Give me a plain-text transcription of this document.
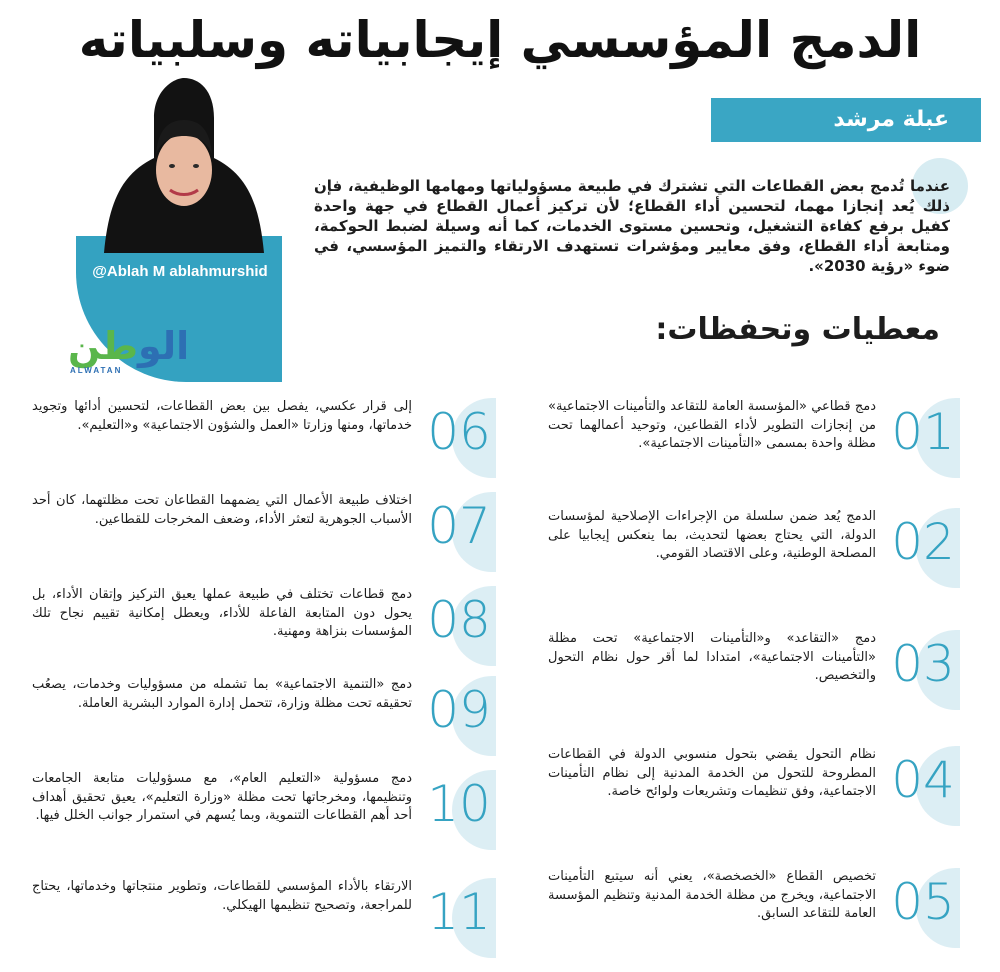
الدمج المؤسسي إيجابياته وسلبياته
عبلة مرشد
@Ablah M ablahmurshid
الوطن
ALWATAN

عندما تُدمج بعض القطاعات التي تشترك في طبيعة مسؤولياتها ومهامها الوظيفية، فإن ذلك يُعد إنجازا مهما، لتحسين أداء القطاع؛ لأن تركيز أعمال القطاع في جهة واحدة كفيل برفع كفاءة التشغيل، وتحسين مستوى الخدمات، كما أنه وسيلة لضبط الحوكمة، ومتابعة أداء القطاع، وفق معايير ومؤشرات تستهدف الارتقاء والتميز المؤسسي، في ضوء «رؤية 2030».

معطيات وتحفظات:
01

دمج قطاعي «المؤسسة العامة للتقاعد والتأمينات الاجتماعية» من إنجازات التطوير لأداء القطاعين، وتوحيد أعمالهما تحت مظلة واحدة بمسمى «التأمينات الاجتماعية».

02

الدمج يُعد ضمن سلسلة من الإجراءات الإصلاحية لمؤسسات الدولة، التي يحتاج بعضها لتحديث، بما ينعكس إيجابيا على المصلحة الوطنية، وعلى الاقتصاد القومي.

03

دمج «التقاعد» و«التأمينات الاجتماعية» تحت مظلة «التأمينات الاجتماعية»، امتدادا لما أقر حول نظام التحول والتخصيص.

04

نظام التحول يقضي بتحول منسوبي الدولة في القطاعات المطروحة للتحول من الخدمة المدنية إلى نظام التأمينات الاجتماعية، وفق تنظيمات وتشريعات ولوائح خاصة.

05

تخصيص القطاع «الخصخصة»، يعني أنه سيتبع التأمينات الاجتماعية، ويخرج من مظلة الخدمة المدنية وتنظيم المؤسسة العامة للتقاعد السابق.

06

إلى قرار عكسي، يفصل بين بعض القطاعات، لتحسين أدائها وتجويد خدماتها، ومنها وزارتا «العمل والشؤون الاجتماعية» و«التعليم».

07

اختلاف طبيعة الأعمال التي يضمهما القطاعان تحت مظلتهما، كان أحد الأسباب الجوهرية لتعثر الأداء، وضعف المخرجات للقطاعين.

08

دمج قطاعات تختلف في طبيعة عملها يعيق التركيز وإتقان الأداء، بل يحول دون المتابعة الفاعلة للأداء، ويعطل إمكانية تقييم نجاح تلك المؤسسات بنزاهة ومهنية.

09

دمج «التنمية الاجتماعية» بما تشمله من مسؤوليات وخدمات، يصعُب تحقيقه تحت مظلة وزارة، تتحمل إدارة الموارد البشرية العاملة.

10

دمج مسؤولية «التعليم العام»، مع مسؤوليات متابعة الجامعات وتنظيمها، ومخرجاتها تحت مظلة «وزارة التعليم»، يعيق تحقيق أهداف أحد أهم القطاعات التنموية، وبما يُسهم في استمرار جوانب الخلل فيها.

11

الارتقاء بالأداء المؤسسي للقطاعات، وتطوير منتجاتها وخدماتها، يحتاج للمراجعة، وتصحيح تنظيمها الهيكلي.
